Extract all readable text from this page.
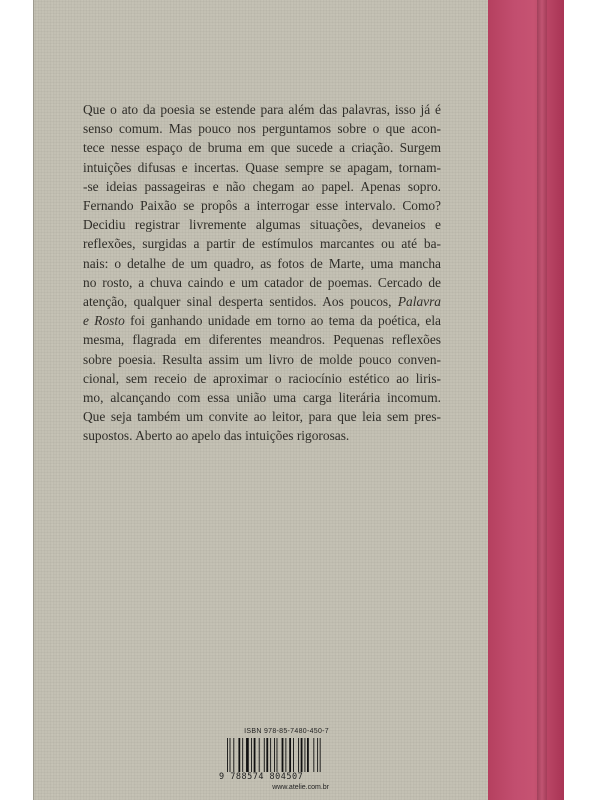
Que o ato da poesia se estende para além das palavras, isso já é
senso comum. Mas pouco nos perguntamos sobre o que acon-
tece nesse espaço de bruma em que sucede a criação. Surgem
intuições difusas e incertas. Quase sempre se apagam, tornam-
-se ideias passageiras e não chegam ao papel. Apenas sopro.
Fernando Paixão se propôs a interrogar esse intervalo. Como?
Decidiu registrar livremente algumas situações, devaneios e
reflexões, surgidas a partir de estímulos marcantes ou até ba-
nais: o detalhe de um quadro, as fotos de Marte, uma mancha
no rosto, a chuva caindo e um catador de poemas. Cercado de
atenção, qualquer sinal desperta sentidos. Aos poucos, Palavra
e Rosto foi ganhando unidade em torno ao tema da poética, ela
mesma, flagrada em diferentes meandros. Pequenas reflexões
sobre poesia. Resulta assim um livro de molde pouco conven-
cional, sem receio de aproximar o raciocínio estético ao liris-
mo, alcançando com essa união uma carga literária incomum.
Que seja também um convite ao leitor, para que leia sem pres-
supostos. Aberto ao apelo das intuições rigorosas.
ISBN 978-85-7480-450-7
9 788574 804507
www.atelie.com.br
